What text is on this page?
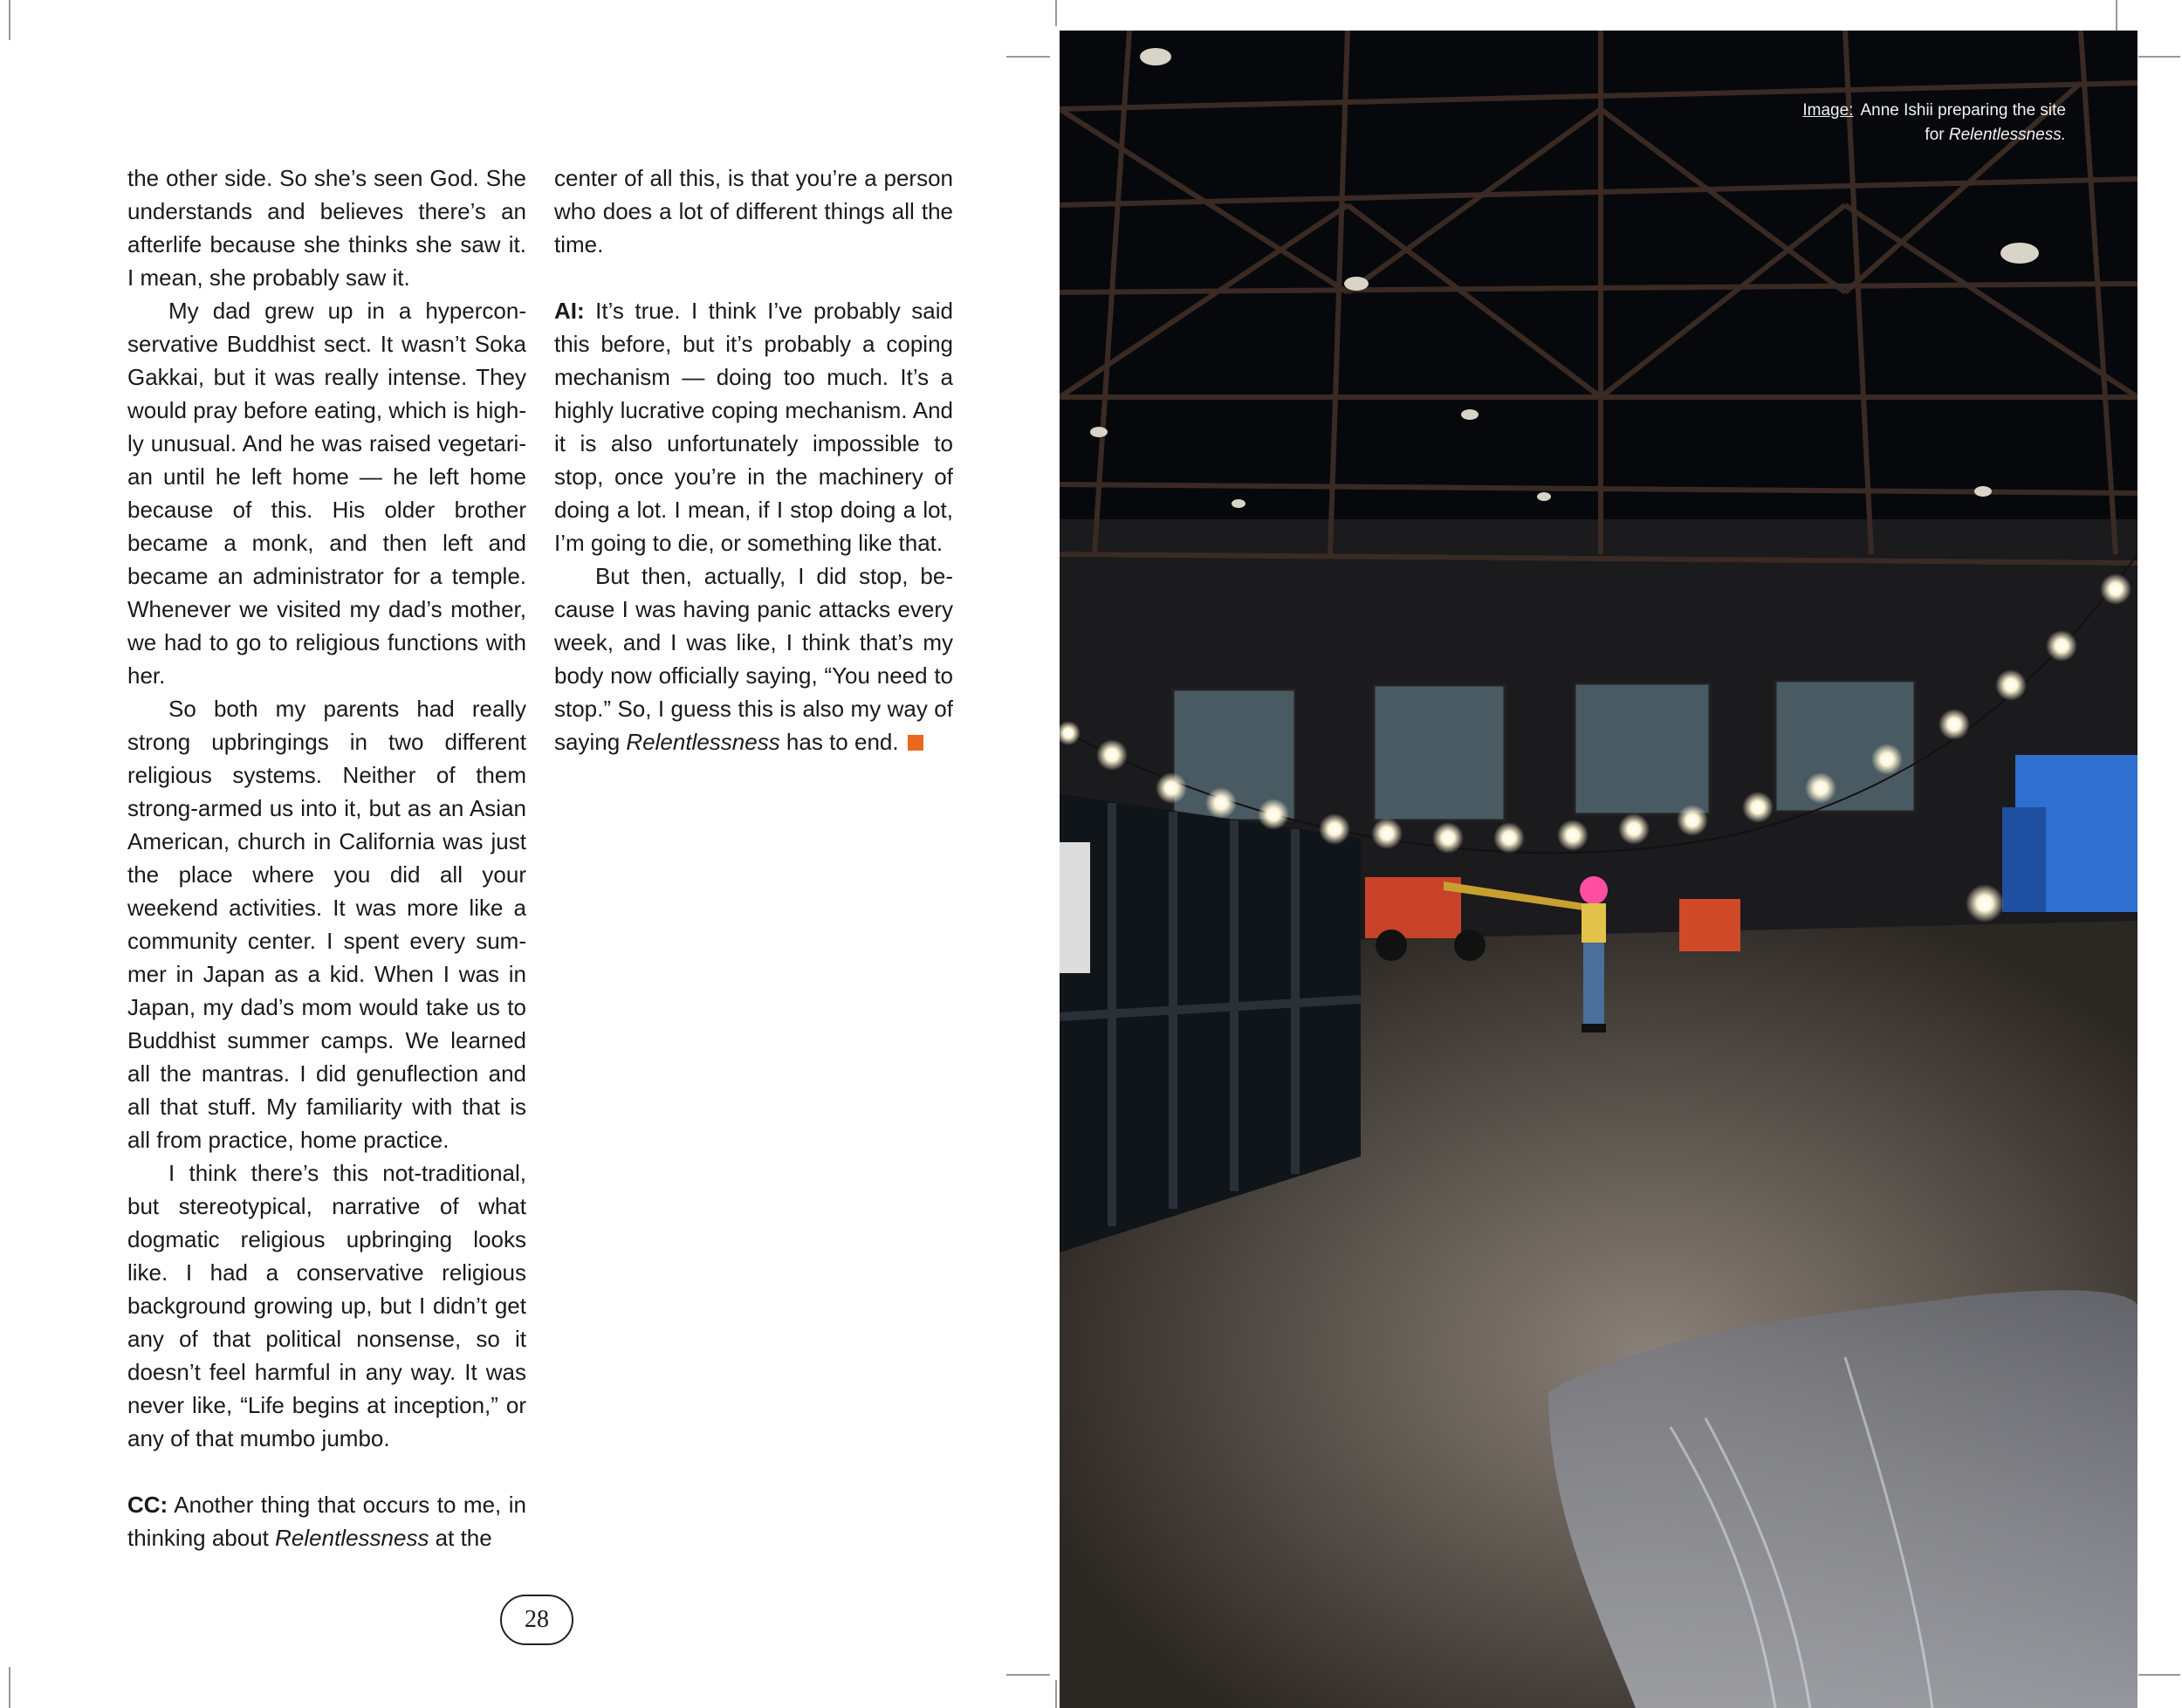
the other side. So she’s seen God. She understands and believes there’s an afterlife because she thinks she saw it. I mean, she probably saw it.

My dad grew up in a hyperconservative Buddhist sect. It wasn’t Soka Gakkai, but it was really intense. They would pray before eating, which is highly unusual. And he was raised vegetarian until he left home — he left home because of this. His older brother became a monk, and then left and became an administrator for a temple. Whenever we visited my dad’s mother, we had to go to religious functions with her.

So both my parents had really strong upbringings in two different religious systems. Neither of them strong-armed us into it, but as an Asian American, church in California was just the place where you did all your weekend activities. It was more like a community center. I spent every summer in Japan as a kid. When I was in Japan, my dad’s mom would take us to Buddhist summer camps. We learned all the mantras. I did genuflection and all that stuff. My familiarity with that is all from practice, home practice.

I think there’s this not-traditional, but stereotypical, narrative of what dogmatic religious upbringing looks like. I had a conservative religious background growing up, but I didn’t get any of that political nonsense, so it doesn’t feel harmful in any way. It was never like, “Life begins at inception,” or any of that mumbo jumbo.

CC: Another thing that occurs to me, in thinking about Relentlessness at the

center of all this, is that you’re a person who does a lot of different things all the time.

AI: It’s true. I think I’ve probably said this before, but it’s probably a coping mechanism — doing too much. It’s a highly lucrative coping mechanism. And it is also unfortunately impossible to stop, once you’re in the machinery of doing a lot. I mean, if I stop doing a lot, I’m going to die, or something like that.

But then, actually, I did stop, because I was having panic attacks every week, and I was like, I think that’s my body now officially saying, “You need to stop.” So, I guess this is also my way of saying Relentlessness has to end.

28
Image: Anne Ishii preparing the site
for Relentlessness.
